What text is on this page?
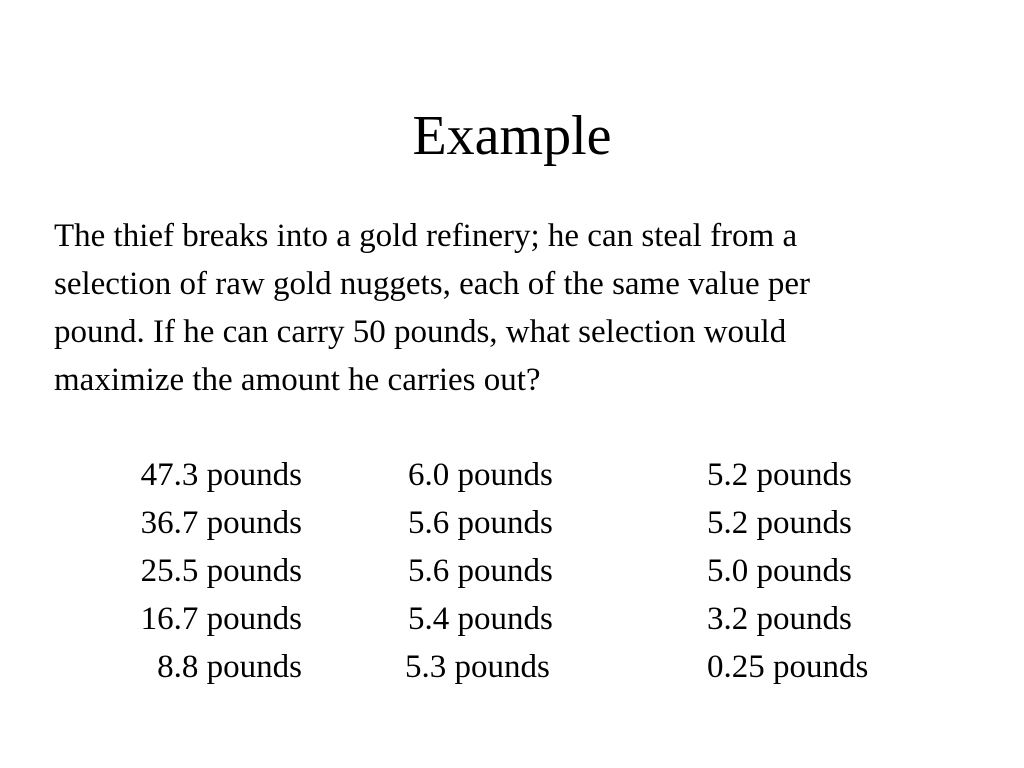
Example
The thief breaks into a gold refinery; he can steal from a
selection of raw gold nuggets, each of the same value per
pound. If he can carry 50 pounds, what selection would
maximize the amount he carries out?
47.3 pounds
36.7 pounds
25.5 pounds
16.7 pounds
8.8 pounds
6.0 pounds
5.6 pounds
5.6 pounds
5.4 pounds
5.3 pounds
5.2 pounds
5.2 pounds
5.0 pounds
3.2 pounds
0.25 pounds
